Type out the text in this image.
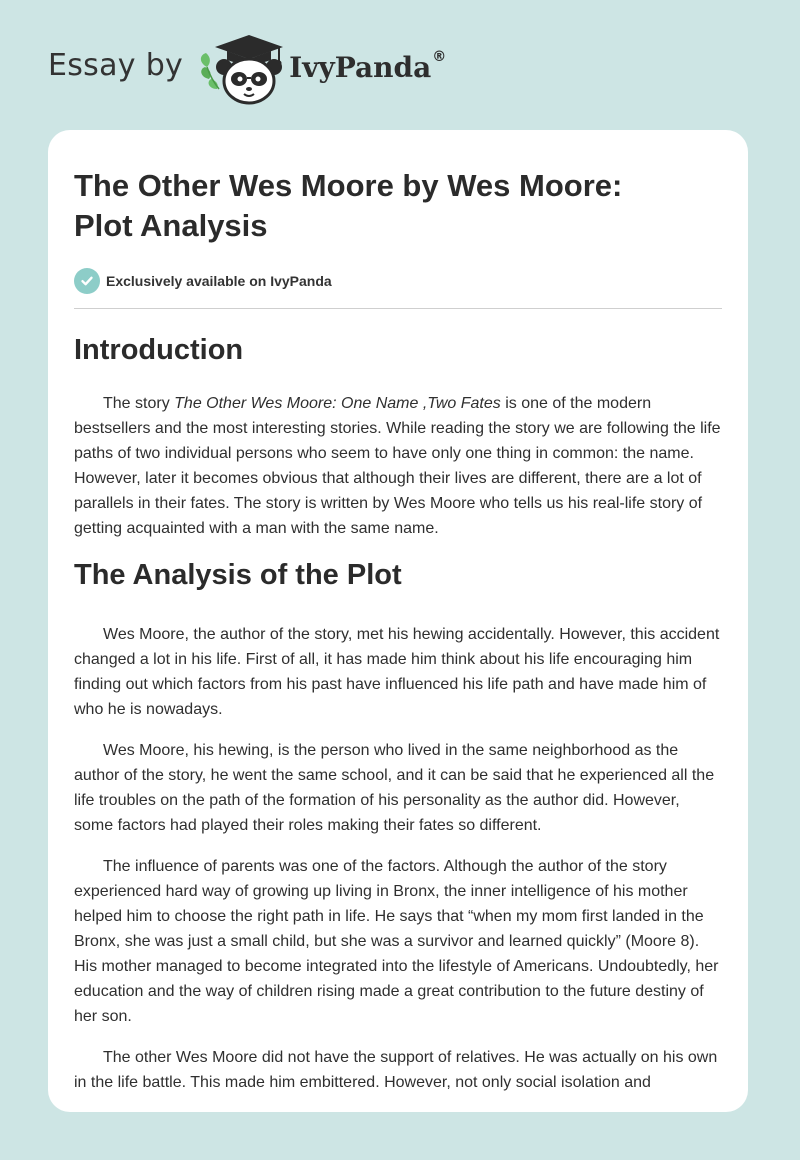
Essay by	IvyPanda®
The Other Wes Moore by Wes Moore:
Plot Analysis
Exclusively available on IvyPanda
Introduction

The story The Other Wes Moore: One Name ,Two Fates is one of the modern bestsellers and the most interesting stories. While reading the story we are following the life paths of two individual persons who seem to have only one thing in common: the name. However, later it becomes obvious that although their lives are different, there are a lot of parallels in their fates. The story is written by Wes Moore who tells us his real-life story of getting acquainted with a man with the same name.

The Analysis of the Plot

Wes Moore, the author of the story, met his hewing accidentally. However, this accident changed a lot in his life. First of all, it has made him think about his life encouraging him finding out which factors from his past have influenced his life path and have made him of who he is nowadays.

Wes Moore, his hewing, is the person who lived in the same neighborhood as the author of the story, he went the same school, and it can be said that he experienced all the life troubles on the path of the formation of his personality as the author did. However, some factors had played their roles making their fates so different.

The influence of parents was one of the factors. Although the author of the story experienced hard way of growing up living in Bronx, the inner intelligence of his mother helped him to choose the right path in life. He says that “when my mom first landed in the Bronx, she was just a small child, but she was a survivor and learned quickly” (Moore 8). His mother managed to become integrated into the lifestyle of Americans. Undoubtedly, her education and the way of children rising made a great contribution to the future destiny of her son.

The other Wes Moore did not have the support of relatives. He was actually on his own in the life battle. This made him embittered. However, not only social isolation and
